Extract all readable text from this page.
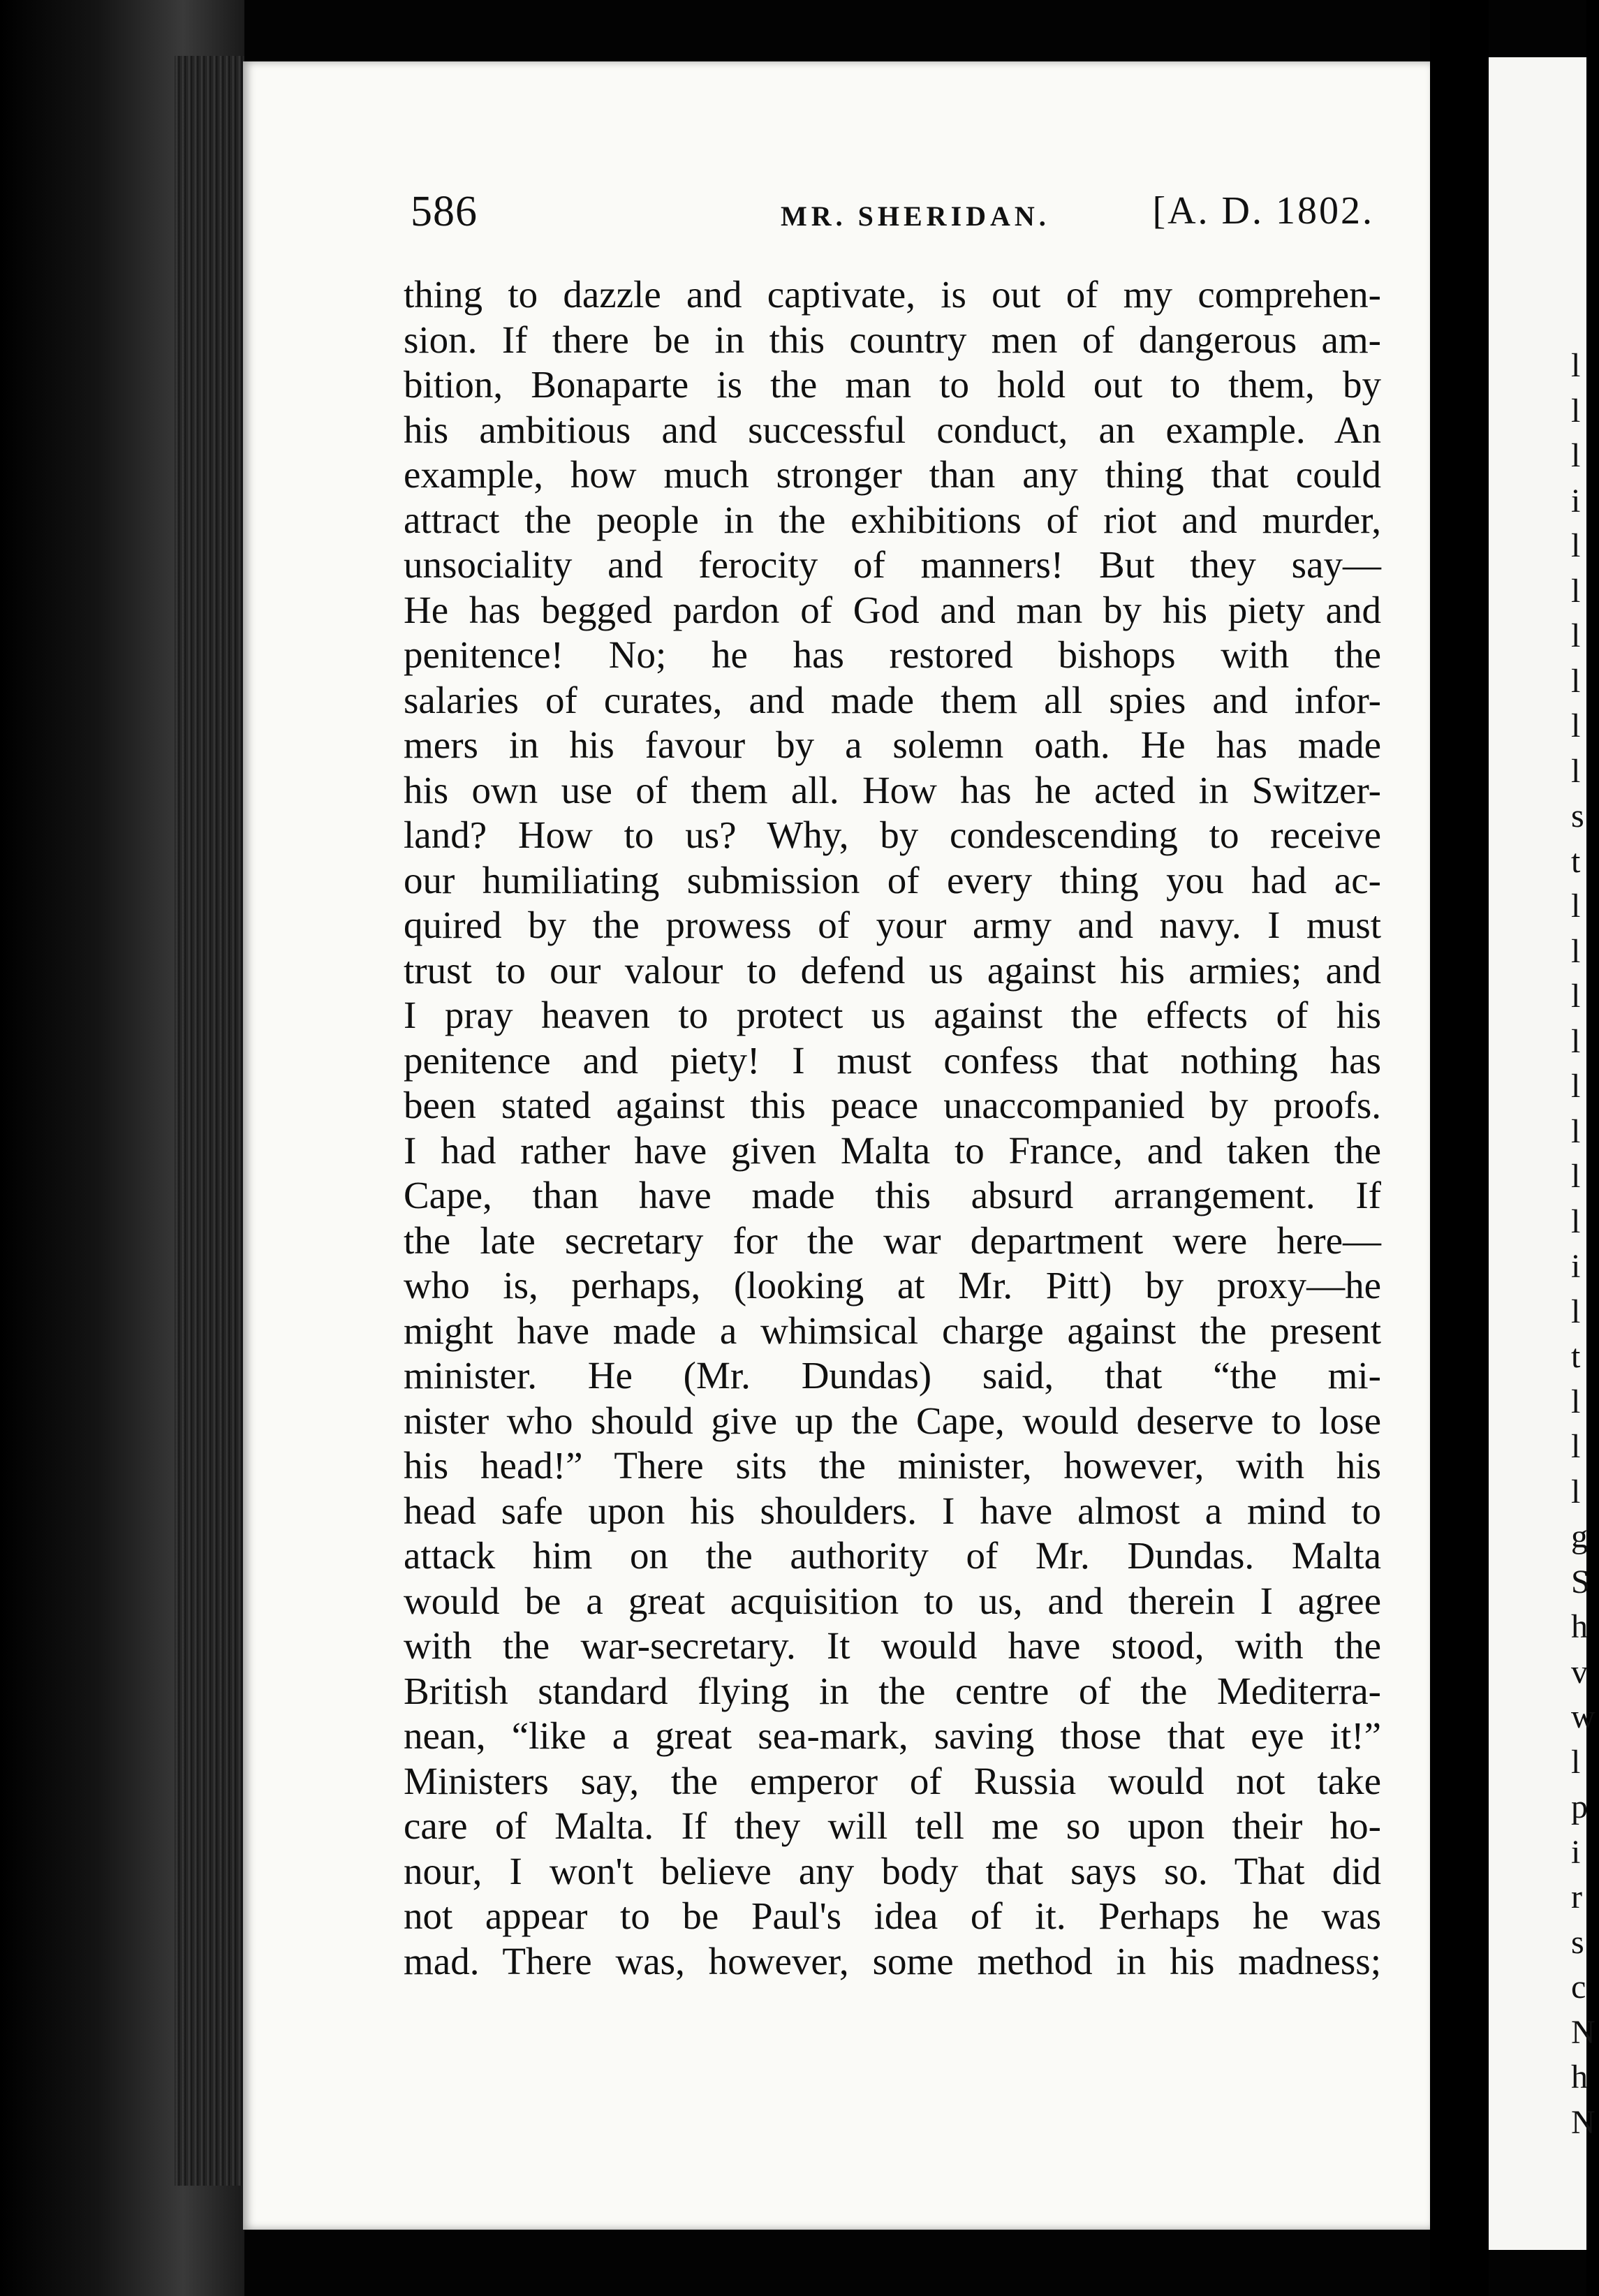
586	MR. SHERIDAN.	[A. D. 1802.
thing to dazzle and captivate, is out of my comprehen-
sion. If there be in this country men of dangerous am-
bition, Bonaparte is the man to hold out to them, by
his ambitious and successful conduct, an example. An
example, how much stronger than any thing that could
attract the people in the exhibitions of riot and murder,
unsociality and ferocity of manners! But they say—
He has begged pardon of God and man by his piety and
penitence! No; he has restored bishops with the
salaries of curates, and made them all spies and infor-
mers in his favour by a solemn oath. He has made
his own use of them all. How has he acted in Switzer-
land? How to us? Why, by condescending to receive
our humiliating submission of every thing you had ac-
quired by the prowess of your army and navy. I must
trust to our valour to defend us against his armies; and
I pray heaven to protect us against the effects of his
penitence and piety! I must confess that nothing has
been stated against this peace unaccompanied by proofs.
I had rather have given Malta to France, and taken the
Cape, than have made this absurd arrangement. If
the late secretary for the war department were here—
who is, perhaps, (looking at Mr. Pitt) by proxy—he
might have made a whimsical charge against the present
minister. He (Mr. Dundas) said, that “the mi-
nister who should give up the Cape, would deserve to lose
his head!” There sits the minister, however, with his
head safe upon his shoulders. I have almost a mind to
attack him on the authority of Mr. Dundas. Malta
would be a great acquisition to us, and therein I agree
with the war-secretary. It would have stood, with the
British standard flying in the centre of the Mediterra-
nean, “like a great sea-mark, saving those that eye it!”
Ministers say, the emperor of Russia would not take
care of Malta. If they will tell me so upon their ho-
nour, I won't believe any body that says so. That did
not appear to be Paul's idea of it. Perhaps he was
mad. There was, however, some method in his madness;
l
l
l
i
l
l
l
l
l
l
s
t
l
l
l
l
l
l
l
l
i
l
t
l
l
l
g
S
h
v
w
l
p
i
r
s
c
N
h
N
